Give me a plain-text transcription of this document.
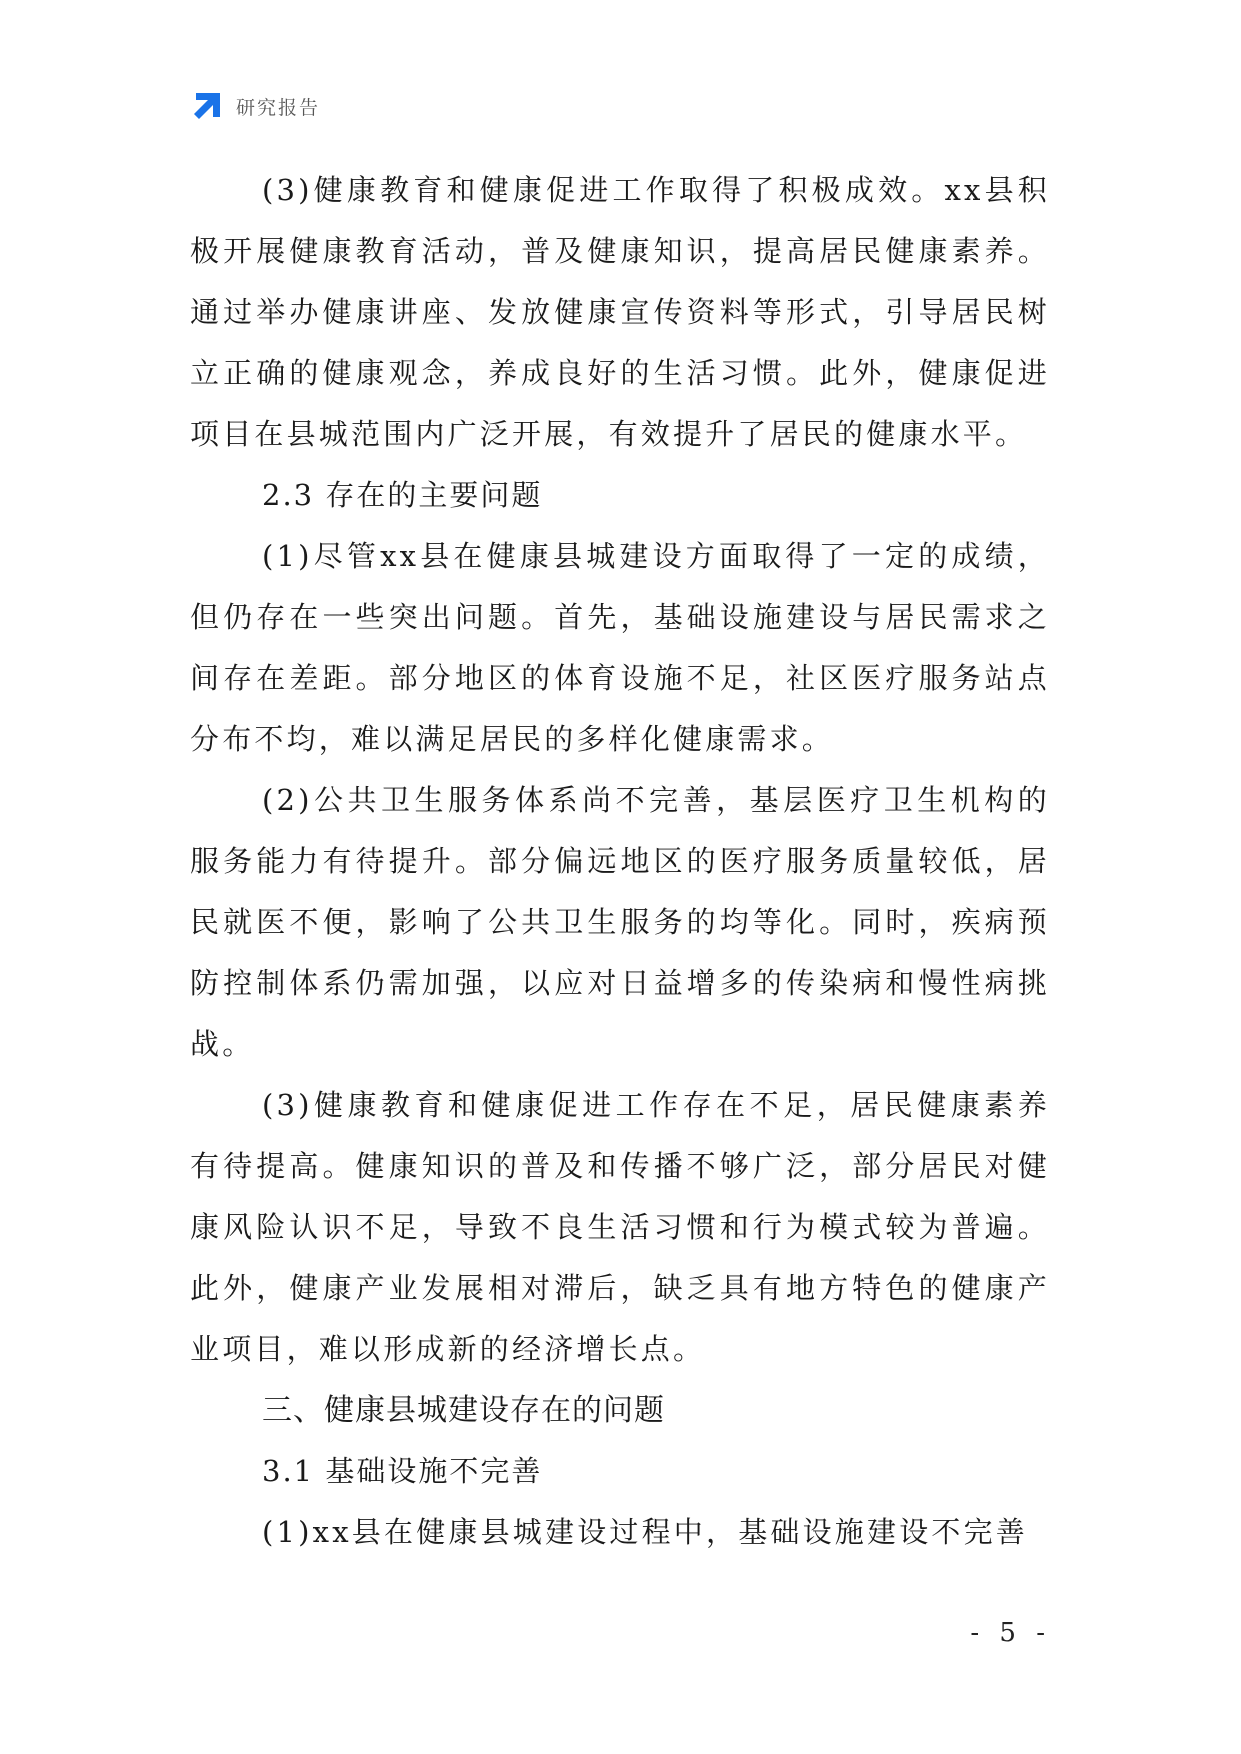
研究报告

(3)健康教育和健康促进工作取得了积极成效。xx县积极开展健康教育活动，普及健康知识，提高居民健康素养。通过举办健康讲座、发放健康宣传资料等形式，引导居民树立正确的健康观念，养成良好的生活习惯。此外，健康促进项目在县城范围内广泛开展，有效提升了居民的健康水平。

2.3 存在的主要问题

(1)尽管xx县在健康县城建设方面取得了一定的成绩，但仍存在一些突出问题。首先，基础设施建设与居民需求之间存在差距。部分地区的体育设施不足，社区医疗服务站点分布不均，难以满足居民的多样化健康需求。

(2)公共卫生服务体系尚不完善，基层医疗卫生机构的服务能力有待提升。部分偏远地区的医疗服务质量较低，居民就医不便，影响了公共卫生服务的均等化。同时，疾病预防控制体系仍需加强，以应对日益增多的传染病和慢性病挑战。

(3)健康教育和健康促进工作存在不足，居民健康素养有待提高。健康知识的普及和传播不够广泛，部分居民对健康风险认识不足，导致不良生活习惯和行为模式较为普遍。此外，健康产业发展相对滞后，缺乏具有地方特色的健康产业项目，难以形成新的经济增长点。

三、健康县城建设存在的问题

3.1 基础设施不完善

(1)xx县在健康县城建设过程中，基础设施建设不完善

- 5 -
